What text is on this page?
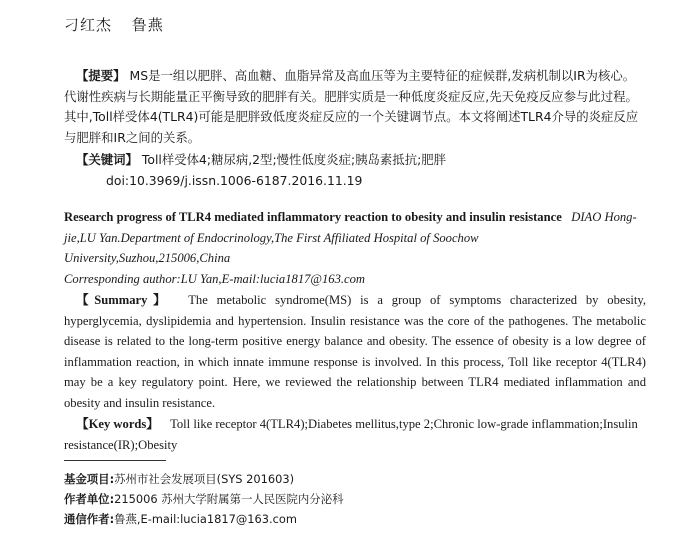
刁红杰 鲁燕
【提要】 MS是一组以肥胖、高血糖、血脂异常及高血压等为主要特征的症候群,发病机制以IR为核心。代谢性疾病与长期能量正平衡导致的肥胖有关。肥胖实质是一种低度炎症反应,先天免疫反应参与此过程。其中,Toll样受体4(TLR4)可能是肥胖致低度炎症反应的一个关键调节点。本文将阐述TLR4介导的炎症反应与肥胖和IR之间的关系。
【关键词】 Toll样受体4;糖尿病,2型;慢性低度炎症;胰岛素抵抗;肥胖
doi:10.3969/j.issn.1006-6187.2016.11.19
Research progress of TLR4 mediated inflammatory reaction to obesity and insulin resistance DIAO Hong-jie,LU Yan.Department of Endocrinology,The First Affiliated Hospital of Soochow University,Suzhou,215006,China
Corresponding author:LU Yan,E-mail:lucia1817@163.com
【Summary】 The metabolic syndrome(MS) is a group of symptoms characterized by obesity, hyperglycemia, dyslipidemia and hypertension. Insulin resistance was the core of the pathogenes. The metabolic disease is related to the long-term positive energy balance and obesity. The essence of obesity is a low degree of inflammation reaction, in which innate immune response is involved. In this process, Toll like receptor 4(TLR4) may be a key regulatory point. Here, we reviewed the relationship between TLR4 mediated inflammation and obesity and insulin resistance.
【Key words】 Toll like receptor 4(TLR4);Diabetes mellitus,type 2;Chronic low-grade inflammation;Insulin resistance(IR);Obesity
基金项目:苏州市社会发展项目(SYS 201603)
作者单位:215006 苏州大学附属第一人民医院内分泌科
通信作者:鲁燕,E-mail:lucia1817@163.com
